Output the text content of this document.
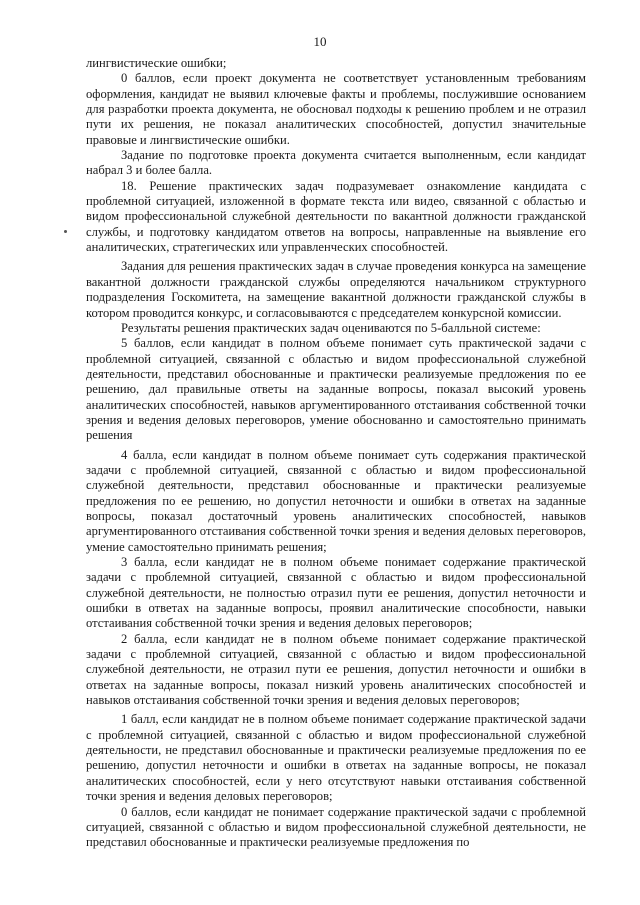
10

лингвистические ошибки;

0 баллов, если проект документа не соответствует установленным требованиям оформления, кандидат не выявил ключевые факты и проблемы, послужившие основанием для разработки проекта документа, не обосновал подходы к решению проблем и не отразил пути их решения, не показал аналитических способностей, допустил значительные правовые и лингвистические ошибки.

Задание по подготовке проекта документа считается выполненным, если кандидат набрал 3 и более балла.

18. Решение практических задач подразумевает ознакомление кандидата с проблемной ситуацией, изложенной в формате текста или видео, связанной с областью и видом профессиональной служебной деятельности по вакантной должности гражданской службы, и подготовку кандидатом ответов на вопросы, направленные на выявление его аналитических, стратегических или управленческих способностей.

Задания для решения практических задач в случае проведения конкурса на замещение вакантной должности гражданской службы определяются начальником структурного подразделения Госкомитета, на замещение вакантной должности гражданской службы в котором проводится конкурс, и согласовываются с председателем конкурсной комиссии.

Результаты решения практических задач оцениваются по 5-балльной системе:

5 баллов, если кандидат в полном объеме понимает суть практической задачи с проблемной ситуацией, связанной с областью и видом профессиональной служебной деятельности, представил обоснованные и практически реализуемые предложения по ее решению, дал правильные ответы на заданные вопросы, показал высокий уровень аналитических способностей, навыков аргументированного отстаивания собственной точки зрения и ведения деловых переговоров, умение обоснованно и самостоятельно принимать решения

4 балла, если кандидат в полном объеме понимает суть содержания практической задачи с проблемной ситуацией, связанной с областью и видом профессиональной служебной деятельности, представил обоснованные и практически реализуемые предложения по ее решению, но допустил неточности и ошибки в ответах на заданные вопросы, показал достаточный уровень аналитических способностей, навыков аргументированного отстаивания собственной точки зрения и ведения деловых переговоров, умение самостоятельно принимать решения;

3 балла, если кандидат не в полном объеме понимает содержание практической задачи с проблемной ситуацией, связанной с областью и видом профессиональной служебной деятельности, не полностью отразил пути ее решения, допустил неточности и ошибки в ответах на заданные вопросы, проявил аналитические способности, навыки отстаивания собственной точки зрения и ведения деловых переговоров;

2 балла, если кандидат не в полном объеме понимает содержание практической задачи с проблемной ситуацией, связанной с областью и видом профессиональной служебной деятельности, не отразил пути ее решения, допустил неточности и ошибки в ответах на заданные вопросы, показал низкий уровень аналитических способностей и навыков отстаивания собственной точки зрения и ведения деловых переговоров;

1 балл, если кандидат не в полном объеме понимает содержание практической задачи с проблемной ситуацией, связанной с областью и видом профессиональной служебной деятельности, не представил обоснованные и практически реализуемые предложения по ее решению, допустил неточности и ошибки в ответах на заданные вопросы, не показал аналитических способностей, если у него отсутствуют навыки отстаивания собственной точки зрения и ведения деловых переговоров;

0 баллов, если кандидат не понимает содержание практической задачи с проблемной ситуацией, связанной с областью и видом профессиональной служебной деятельности, не представил обоснованные и практически реализуемые предложения по
